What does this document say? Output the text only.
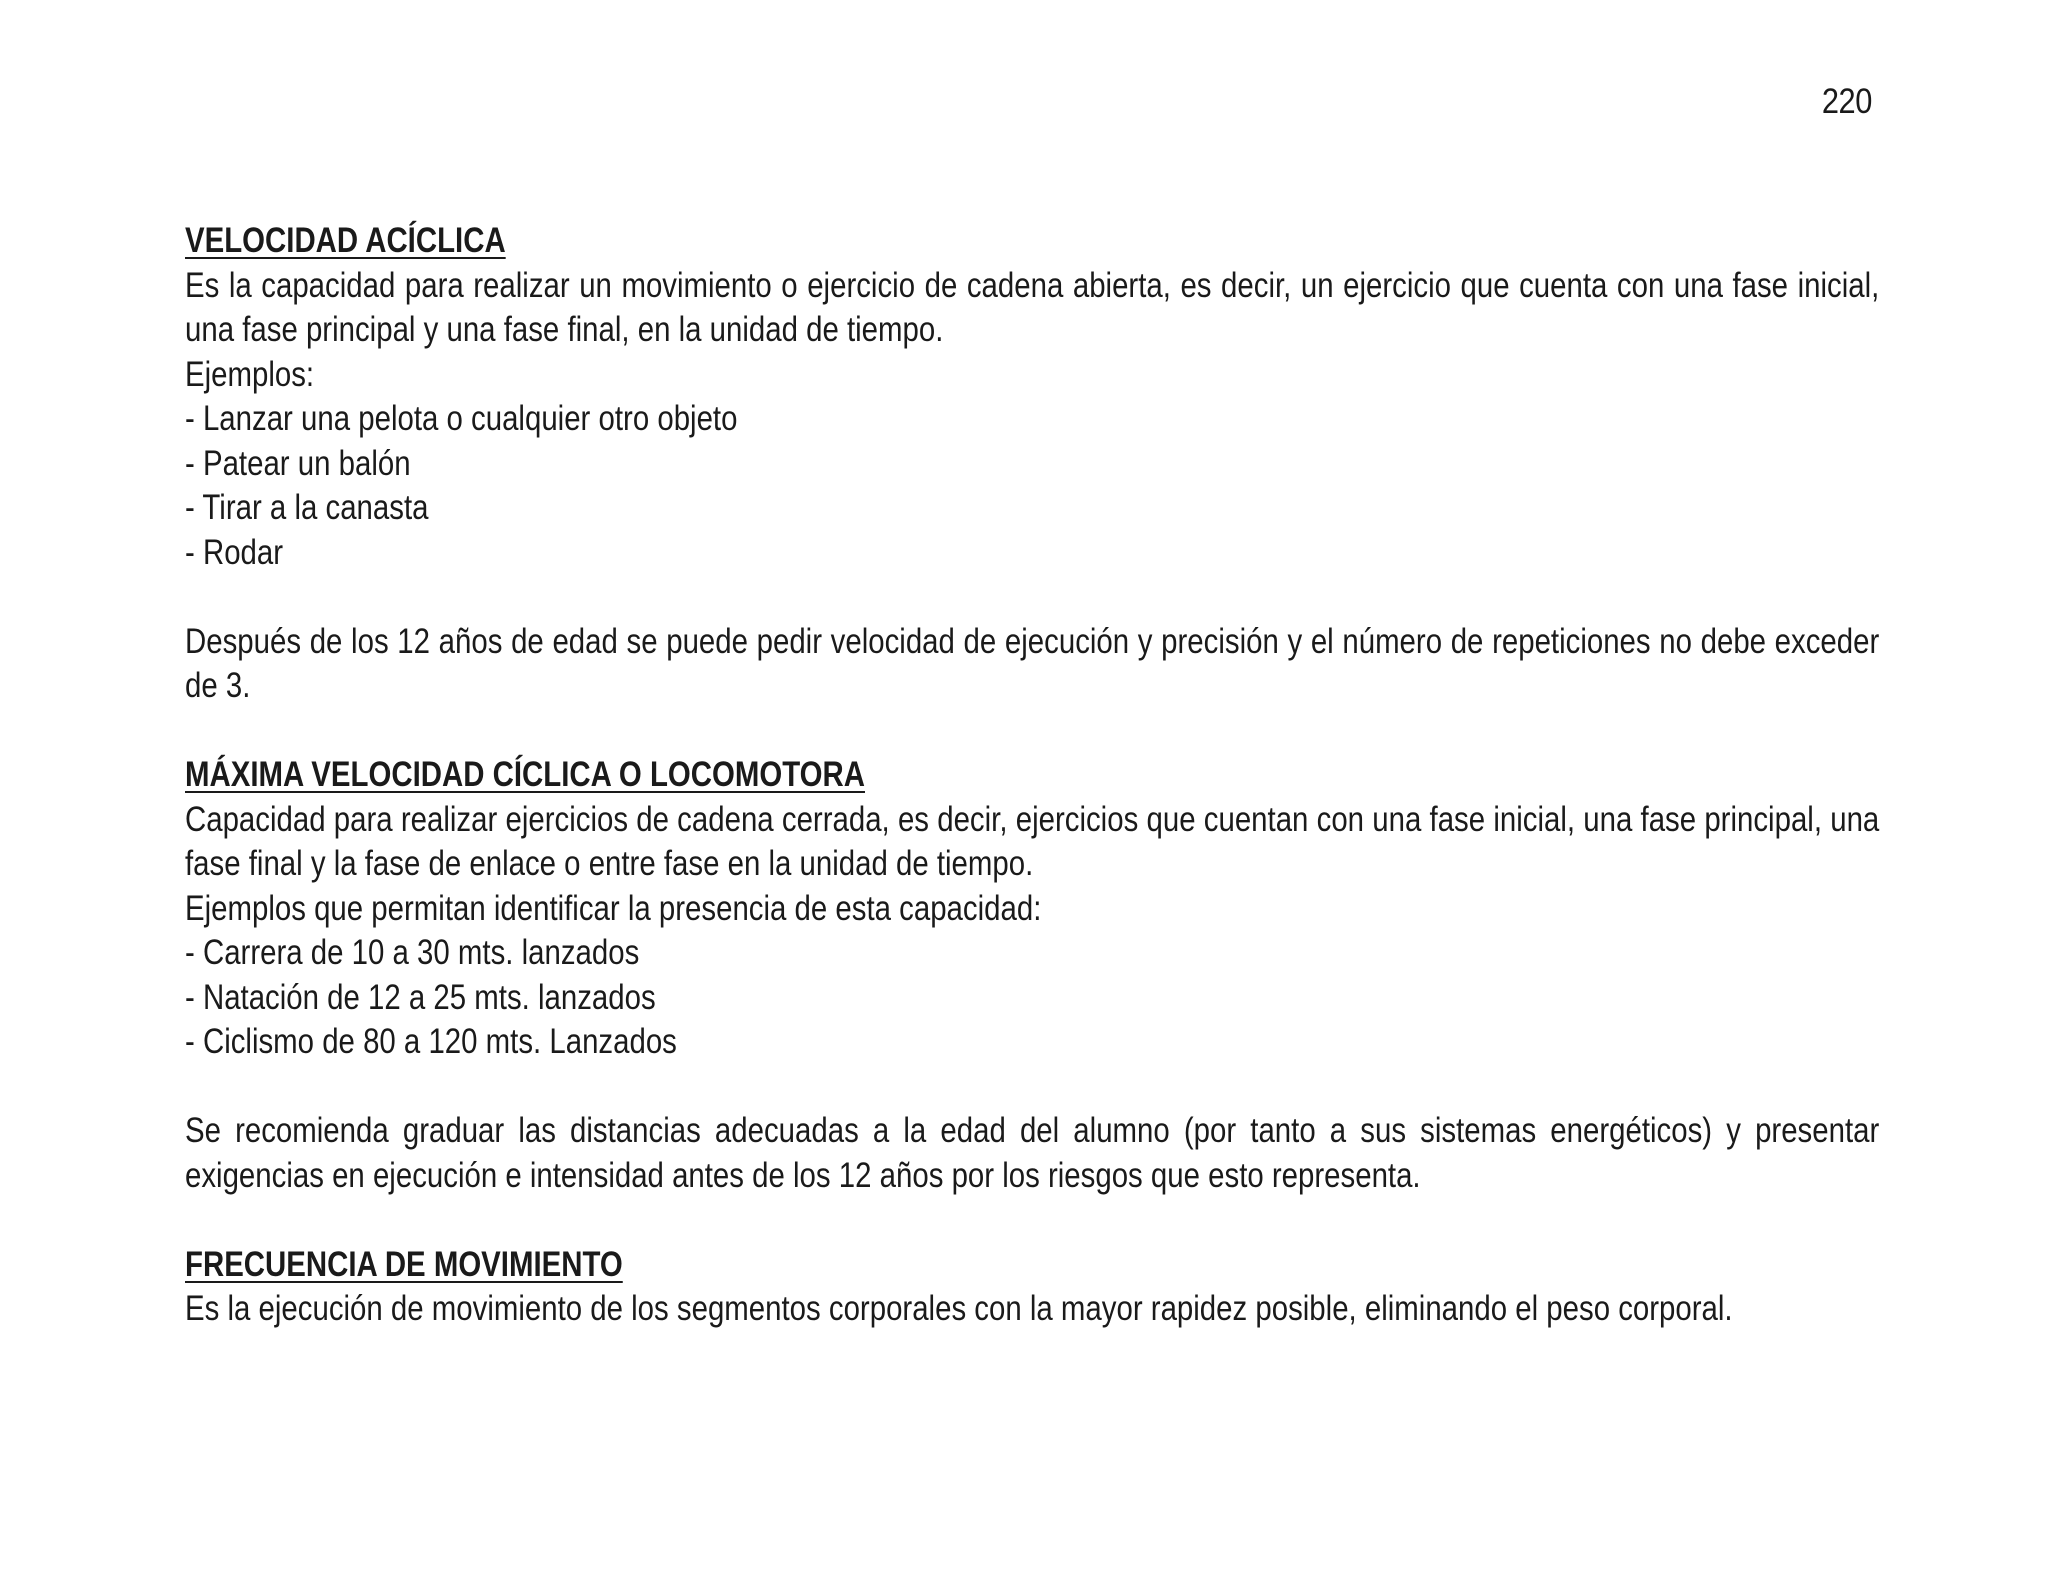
220
VELOCIDAD ACÍCLICA

Es la capacidad para realizar un movimiento o ejercicio de cadena abierta, es decir, un ejercicio que cuenta con una fase inicial, una fase principal y una fase final, en la unidad de tiempo.

Ejemplos:
- Lanzar una pelota o cualquier otro objeto
- Patear un balón
- Tirar a la canasta
- Rodar

Después de los 12 años de edad se puede pedir velocidad de ejecución y precisión y el número de repeticiones no debe exceder de 3.

MÁXIMA VELOCIDAD CÍCLICA O LOCOMOTORA

Capacidad para realizar ejercicios de cadena cerrada, es decir, ejercicios que cuentan con una fase inicial, una fase principal, una fase final y la fase de enlace o entre fase en la unidad de tiempo.

Ejemplos que permitan identificar la presencia de esta capacidad:
- Carrera de 10 a 30 mts. lanzados
- Natación de 12 a 25 mts. lanzados
- Ciclismo de 80 a 120 mts. Lanzados

Se recomienda graduar las distancias adecuadas a la edad del alumno (por tanto a sus sistemas energéticos) y presentar exigencias en ejecución e intensidad antes de los 12 años por los riesgos que esto representa.

FRECUENCIA DE MOVIMIENTO

Es la ejecución de movimiento de los segmentos corporales con la mayor rapidez posible, eliminando el peso corporal.
